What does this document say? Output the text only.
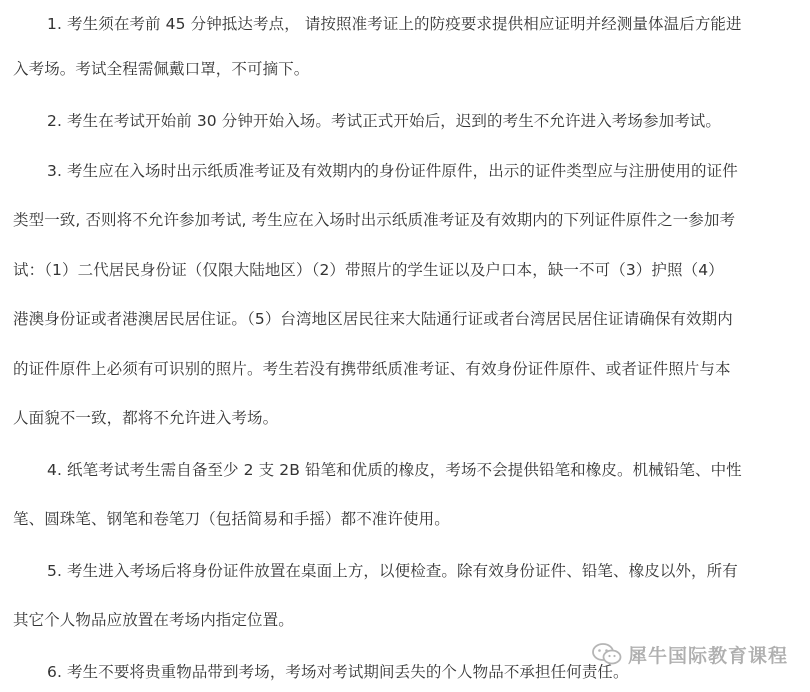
1. 考生须在考前 45 分钟抵达考点， 请按照准考证上的防疫要求提供相应证明并经测量体温后方能进
入考场。考试全程需佩戴口罩，不可摘下。
2. 考生在考试开始前 30 分钟开始入场。考试正式开始后，迟到的考生不允许进入考场参加考试。
3. 考生应在入场时出示纸质准考证及有效期内的身份证件原件，出示的证件类型应与注册使用的证件
类型一致, 否则将不允许参加考试, 考生应在入场时出示纸质准考证及有效期内的下列证件原件之一参加考
试：（1）二代居民身份证（仅限大陆地区）（2）带照片的学生证以及户口本，缺一不可（3）护照（4）
港澳身份证或者港澳居民居住证。（5）台湾地区居民往来大陆通行证或者台湾居民居住证请确保有效期内
的证件原件上必须有可识别的照片。考生若没有携带纸质准考证、有效身份证件原件、或者证件照片与本
人面貌不一致，都将不允许进入考场。
4. 纸笔考试考生需自备至少 2 支 2B 铅笔和优质的橡皮，考场不会提供铅笔和橡皮。机械铅笔、中性
笔、圆珠笔、钢笔和卷笔刀（包括简易和手摇）都不准许使用。
5. 考生进入考场后将身份证件放置在桌面上方，以便检查。除有效身份证件、铅笔、橡皮以外，所有
其它个人物品应放置在考场内指定位置。
6. 考生不要将贵重物品带到考场，考场对考试期间丢失的个人物品不承担任何责任。
犀牛国际教育课程
